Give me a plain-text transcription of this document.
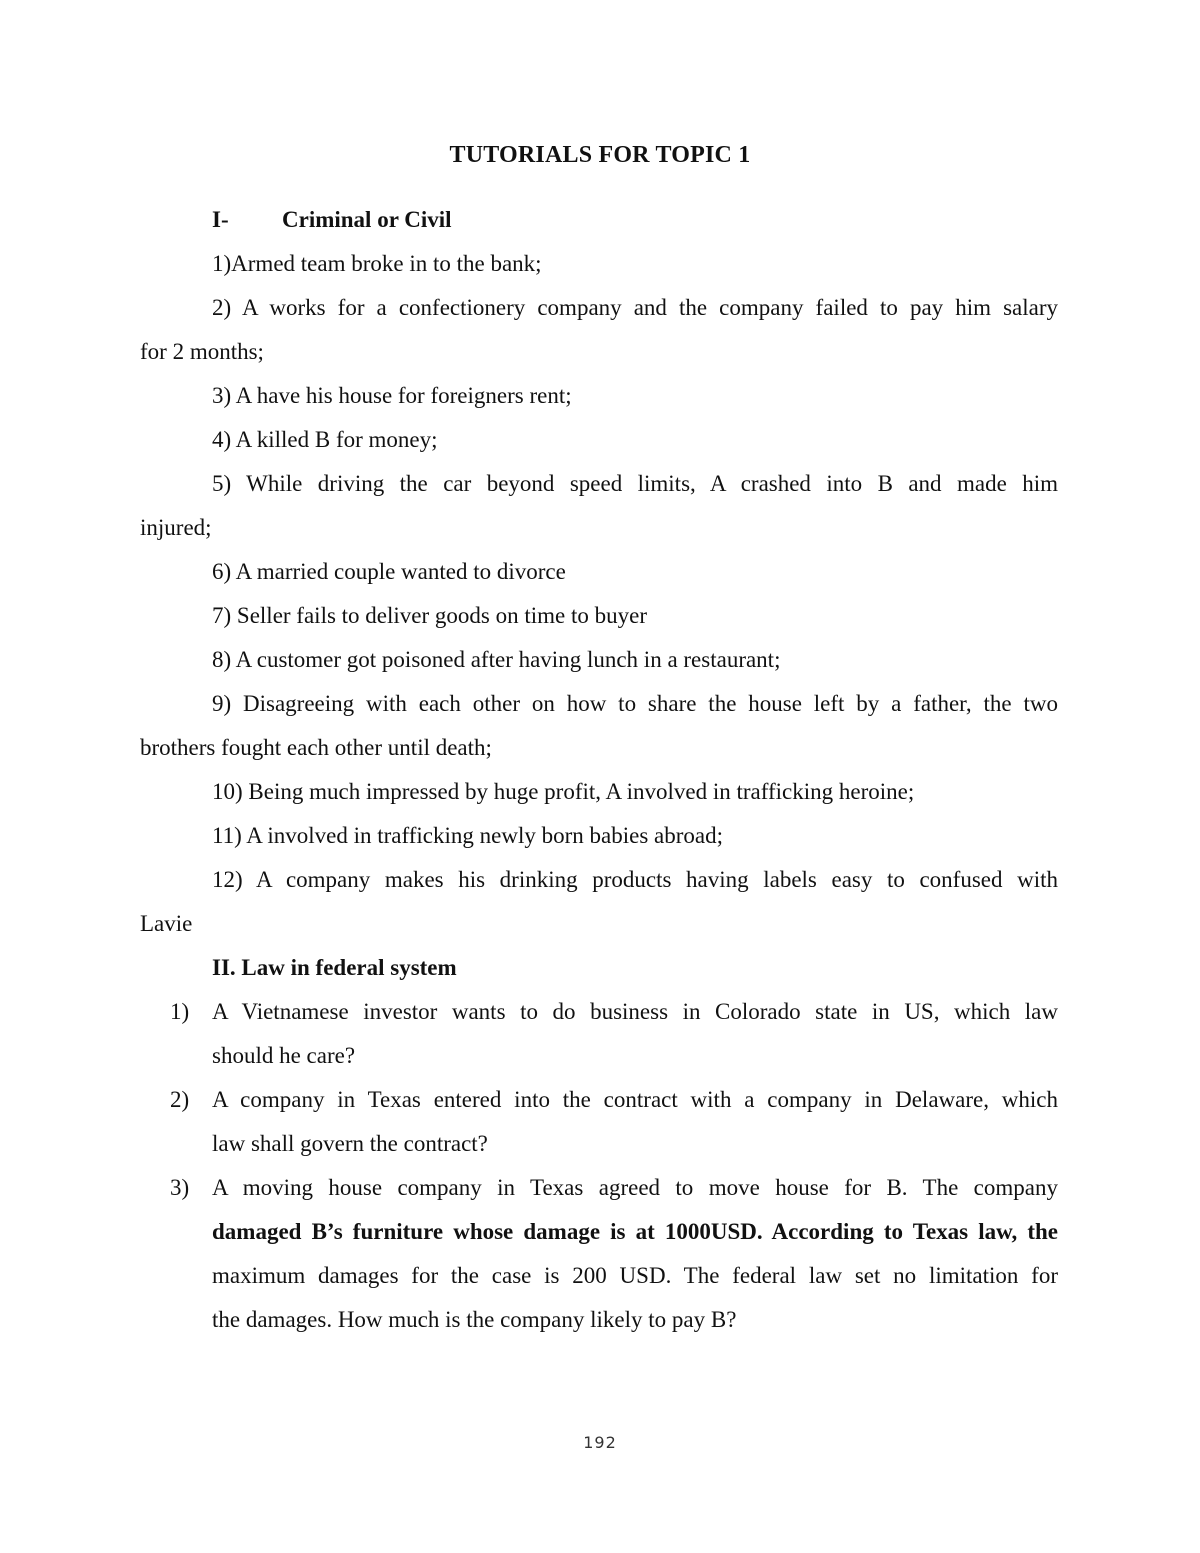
TUTORIALS FOR TOPIC 1
I- Criminal or Civil
1)Armed team broke in to the bank;
2) A works for a confectionery company and the company failed to pay him salary
for 2 months;
3) A have his house for foreigners rent;
4) A killed B for money;
5) While driving the car beyond speed limits, A crashed into B and made him
injured;
6) A married couple wanted to divorce
7) Seller fails to deliver goods on time to buyer
8) A customer got poisoned after having lunch in a restaurant;
9) Disagreeing with each other on how to share the house left by a father, the two
brothers fought each other until death;
10) Being much impressed by huge profit, A involved in trafficking heroine;
11) A involved in trafficking newly born babies abroad;
12) A company makes his drinking products having labels easy to confused with
Lavie
II. Law in federal system
1) A Vietnamese investor wants to do business in Colorado state in US, which law
should he care?
2) A company in Texas entered into the contract with a company in Delaware, which
law shall govern the contract?
3) A moving house company in Texas agreed to move house for B. The company
damaged B’s furniture whose damage is at 1000USD. According to Texas law, the
maximum damages for the case is 200 USD. The federal law set no limitation for
the damages. How much is the company likely to pay B?
192
